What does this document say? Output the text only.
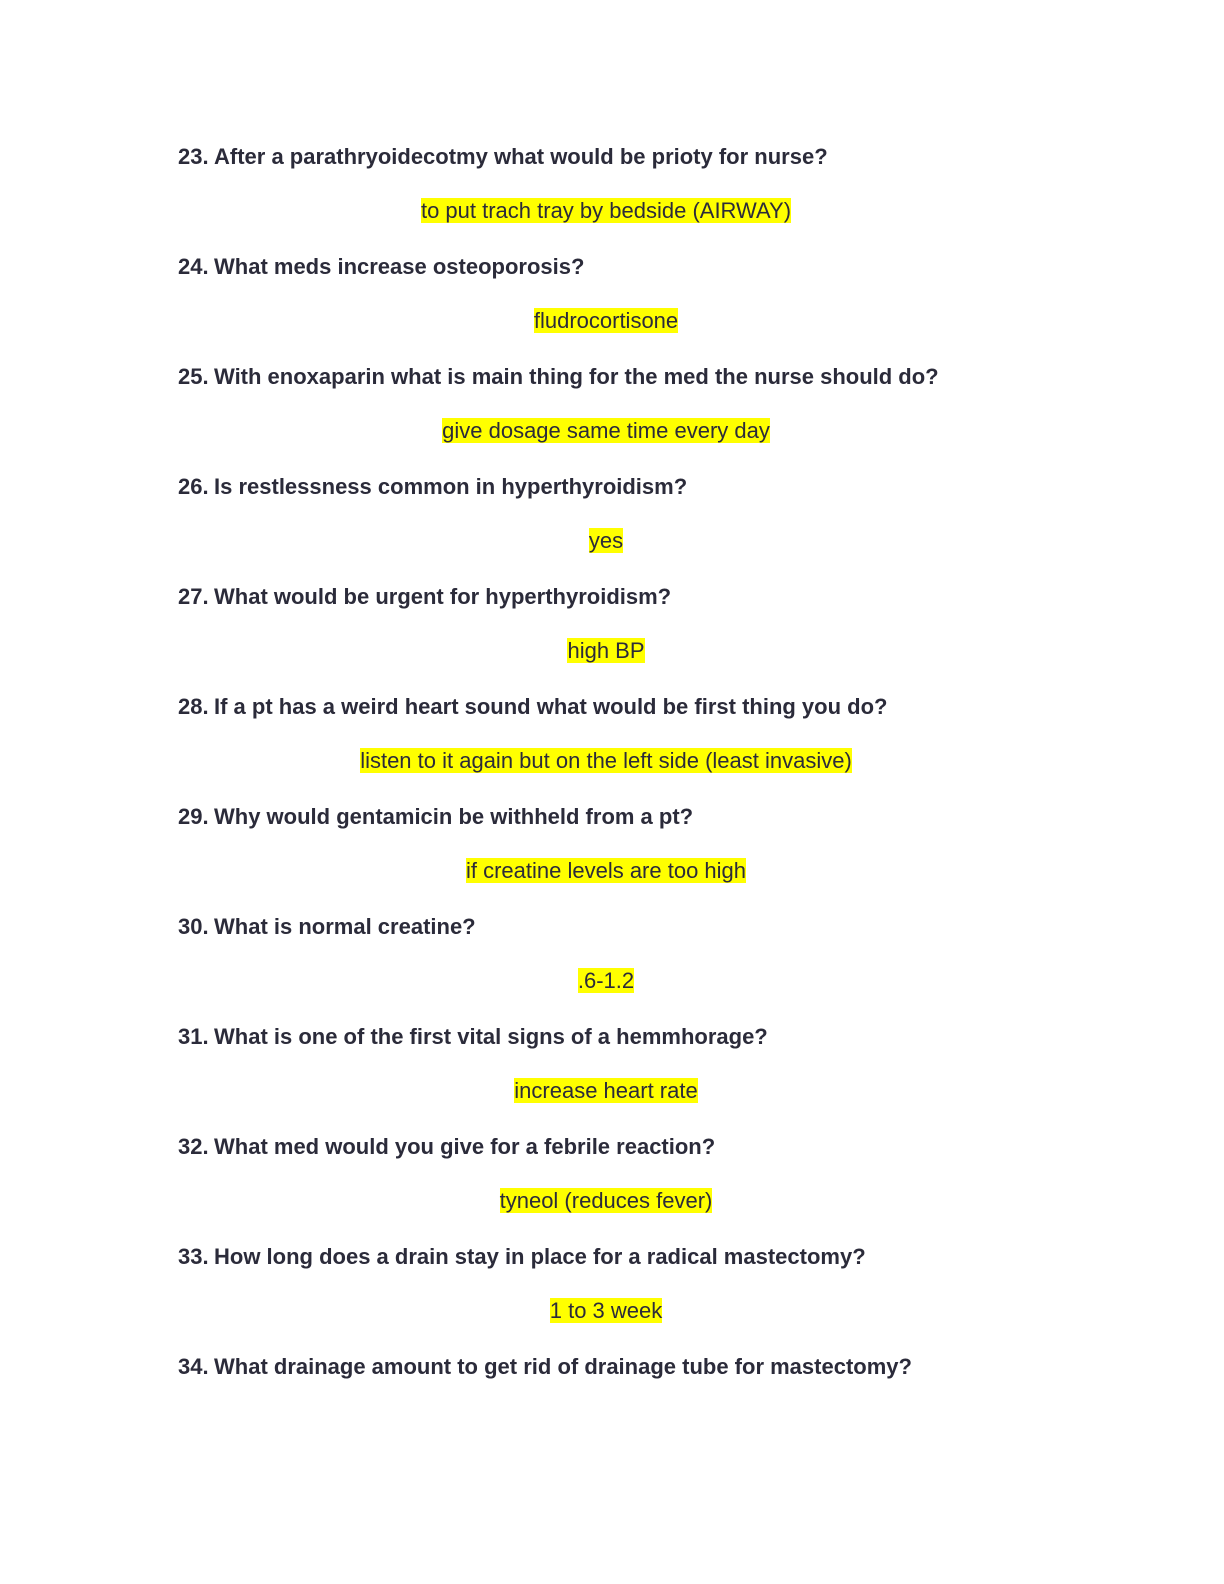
23. After a parathryoidecotmy what would be prioty for nurse?
to put trach tray by bedside (AIRWAY)
24. What meds increase osteoporosis?
fludrocortisone
25. With enoxaparin what is main thing for the med the nurse should do?
give dosage same time every day
26. Is restlessness common in hyperthyroidism?
yes
27. What would be urgent for hyperthyroidism?
high BP
28. If a pt has a weird heart sound what would be first thing you do?
listen to it again but on the left side (least invasive)
29. Why would gentamicin be withheld from a pt?
if creatine levels are too high
30. What is normal creatine?
.6-1.2
31. What is one of the first vital signs of a hemmhorage?
increase heart rate
32. What med would you give for a febrile reaction?
tyneol (reduces fever)
33. How long does a drain stay in place for a radical mastectomy?
1 to 3 week
34. What drainage amount to get rid of drainage tube for mastectomy?
